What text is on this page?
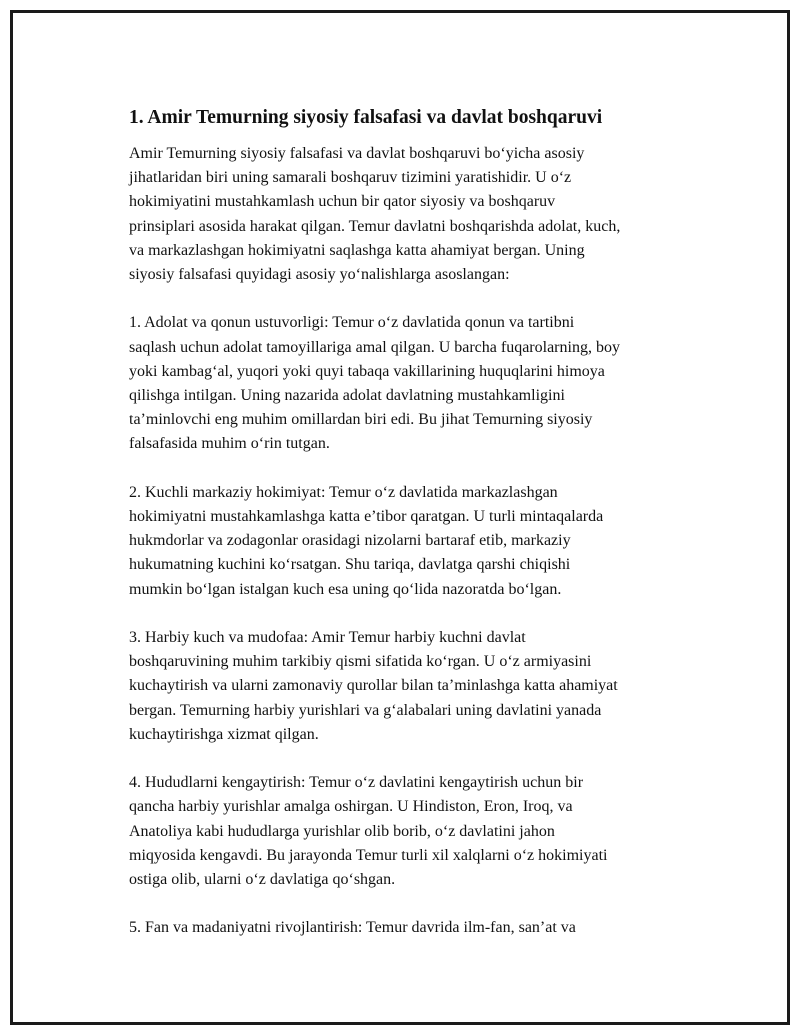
1. Amir Temurning siyosiy falsafasi va davlat boshqaruvi

Amir Temurning siyosiy falsafasi va davlat boshqaruvi bo‘yicha asosiy
jihatlaridan biri uning samarali boshqaruv tizimini yaratishidir. U o‘z
hokimiyatini mustahkamlash uchun bir qator siyosiy va boshqaruv
prinsiplari asosida harakat qilgan. Temur davlatni boshqarishda adolat, kuch,
va markazlashgan hokimiyatni saqlashga katta ahamiyat bergan. Uning
siyosiy falsafasi quyidagi asosiy yo‘nalishlarga asoslangan:

1. Adolat va qonun ustuvorligi: Temur o‘z davlatida qonun va tartibni
saqlash uchun adolat tamoyillariga amal qilgan. U barcha fuqarolarning, boy
yoki kambag‘al, yuqori yoki quyi tabaqa vakillarining huquqlarini himoya
qilishga intilgan. Uning nazarida adolat davlatning mustahkamligini
ta’minlovchi eng muhim omillardan biri edi. Bu jihat Temurning siyosiy
falsafasida muhim o‘rin tutgan.

2. Kuchli markaziy hokimiyat: Temur o‘z davlatida markazlashgan
hokimiyatni mustahkamlashga katta e’tibor qaratgan. U turli mintaqalarda
hukmdorlar va zodagonlar orasidagi nizolarni bartaraf etib, markaziy
hukumatning kuchini ko‘rsatgan. Shu tariqa, davlatga qarshi chiqishi
mumkin bo‘lgan istalgan kuch esa uning qo‘lida nazoratda bo‘lgan.

3. Harbiy kuch va mudofaa: Amir Temur harbiy kuchni davlat
boshqaruvining muhim tarkibiy qismi sifatida ko‘rgan. U o‘z armiyasini
kuchaytirish va ularni zamonaviy qurollar bilan ta’minlashga katta ahamiyat
bergan. Temurning harbiy yurishlari va g‘alabalari uning davlatini yanada
kuchaytirishga xizmat qilgan.

4. Hududlarni kengaytirish: Temur o‘z davlatini kengaytirish uchun bir
qancha harbiy yurishlar amalga oshirgan. U Hindiston, Eron, Iroq, va
Anatoliya kabi hududlarga yurishlar olib borib, o‘z davlatini jahon
miqyosida kengavdi. Bu jarayonda Temur turli xil xalqlarni o‘z hokimiyati
ostiga olib, ularni o‘z davlatiga qo‘shgan.

5. Fan va madaniyatni rivojlantirish: Temur davrida ilm-fan, san’at va
